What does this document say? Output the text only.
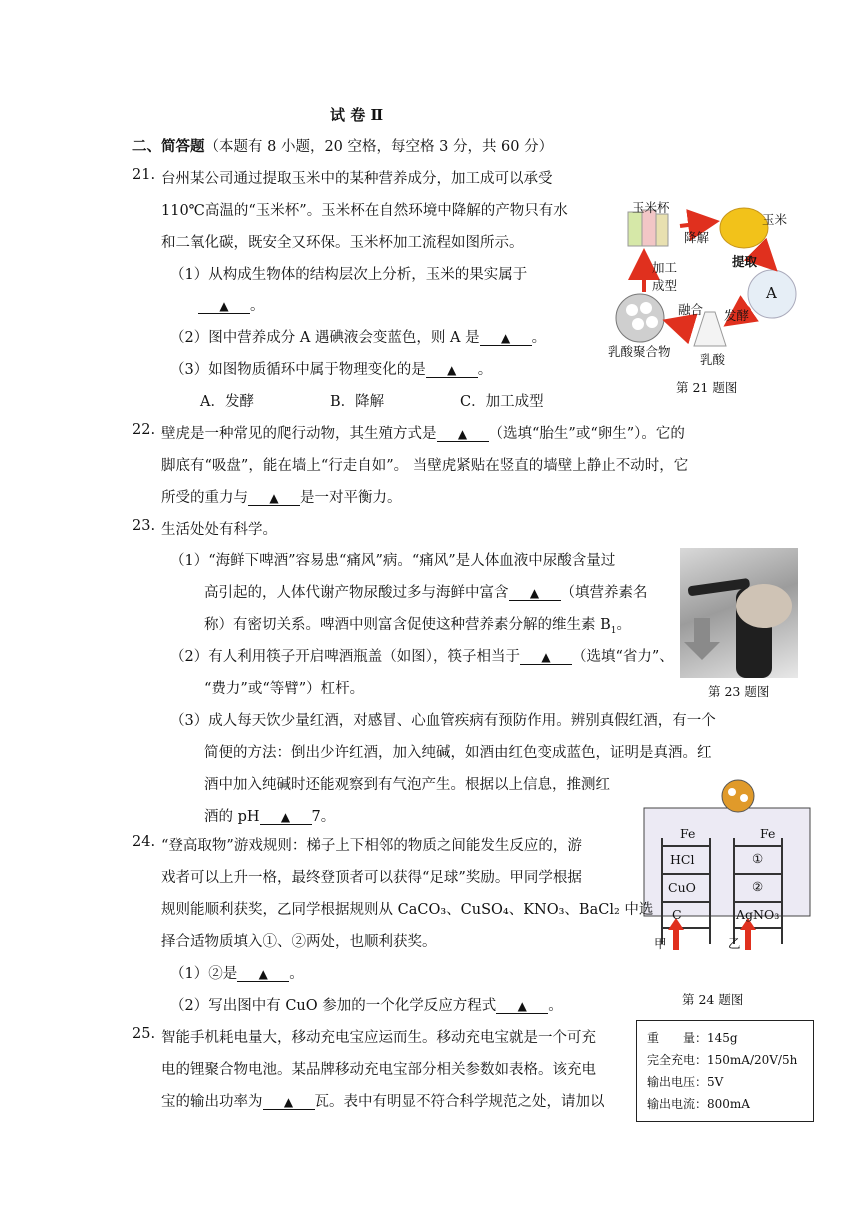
试 卷 Ⅱ
二、简答题（本题有 8 小题，20 空格，每空格 3 分，共 60 分）
21. 台州某公司通过提取玉米中的某种营养成分，加工成可以承受
110℃高温的“玉米杯”。玉米杯在自然环境中降解的产物只有水
和二氧化碳，既安全又环保。玉米杯加工流程如图所示。
（1）从构成生物体的结构层次上分析，玉米的果实属于
▲ 。
（2）图中营养成分 A 遇碘液会变蓝色，则 A 是 ▲ 。
（3）如图物质循环中属于物理变化的是 ▲ 。
A．发酵	B．降解	C．加工成型
玉米杯
玉米
降解
提取
A
加工
成型
融合 发酵
乳酸聚合物
乳酸
第 21 题图
22. 壁虎是一种常见的爬行动物，其生殖方式是 ▲ （选填“胎生”或“卵生”）。它的
脚底有“吸盘”，能在墙上“行走自如”。 当壁虎紧贴在竖直的墙壁上静止不动时，它
所受的重力与 ▲ 是一对平衡力。
23. 生活处处有科学。
（1）“海鲜下啤酒”容易患“痛风”病。“痛风”是人体血液中尿酸含量过
高引起的，人体代谢产物尿酸过多与海鲜中富含 ▲ （填营养素名
称）有密切关系。啤酒中则富含促使这种营养素分解的维生素 $B_1$。
（2）有人利用筷子开启啤酒瓶盖（如图），筷子相当于 ▲ （选填“省力”、
“费力”或“等臂”）杠杆。
（3）成人每天饮少量红酒，对感冒、心血管疾病有预防作用。辨别真假红酒，有一个
简便的方法：倒出少许红酒，加入纯碱，如酒由红色变成蓝色，证明是真酒。红
酒中加入纯碱时还能观察到有气泡产生。根据以上信息，推测红
酒的 pH ▲ 7。
第 23 题图
Fe
HCl
CuO
C
Fe
①
②
AgNO₃
甲	乙
第 24 题图
24. “登高取物”游戏规则：梯子上下相邻的物质之间能发生反应的，游
戏者可以上升一格，最终登顶者可以获得“足球”奖励。甲同学根据
规则能顺利获奖，乙同学根据规则从 CaCO₃、CuSO₄、KNO₃、BaCl₂ 中选
择合适物质填入①、②两处，也顺利获奖。
（1）②是 ▲ 。
（2）写出图中有 CuO 参加的一个化学反应方程式 ▲ 。
25. 智能手机耗电量大，移动充电宝应运而生。移动充电宝就是一个可充
电的锂聚合物电池。某品牌移动充电宝部分相关参数如表格。该充电
宝的输出功率为 ▲ 瓦。表中有明显不符合科学规范之处，请加以
重　　量：145g
完全充电：150mA/20V/5h
输出电压：5V
输出电流：800mA
